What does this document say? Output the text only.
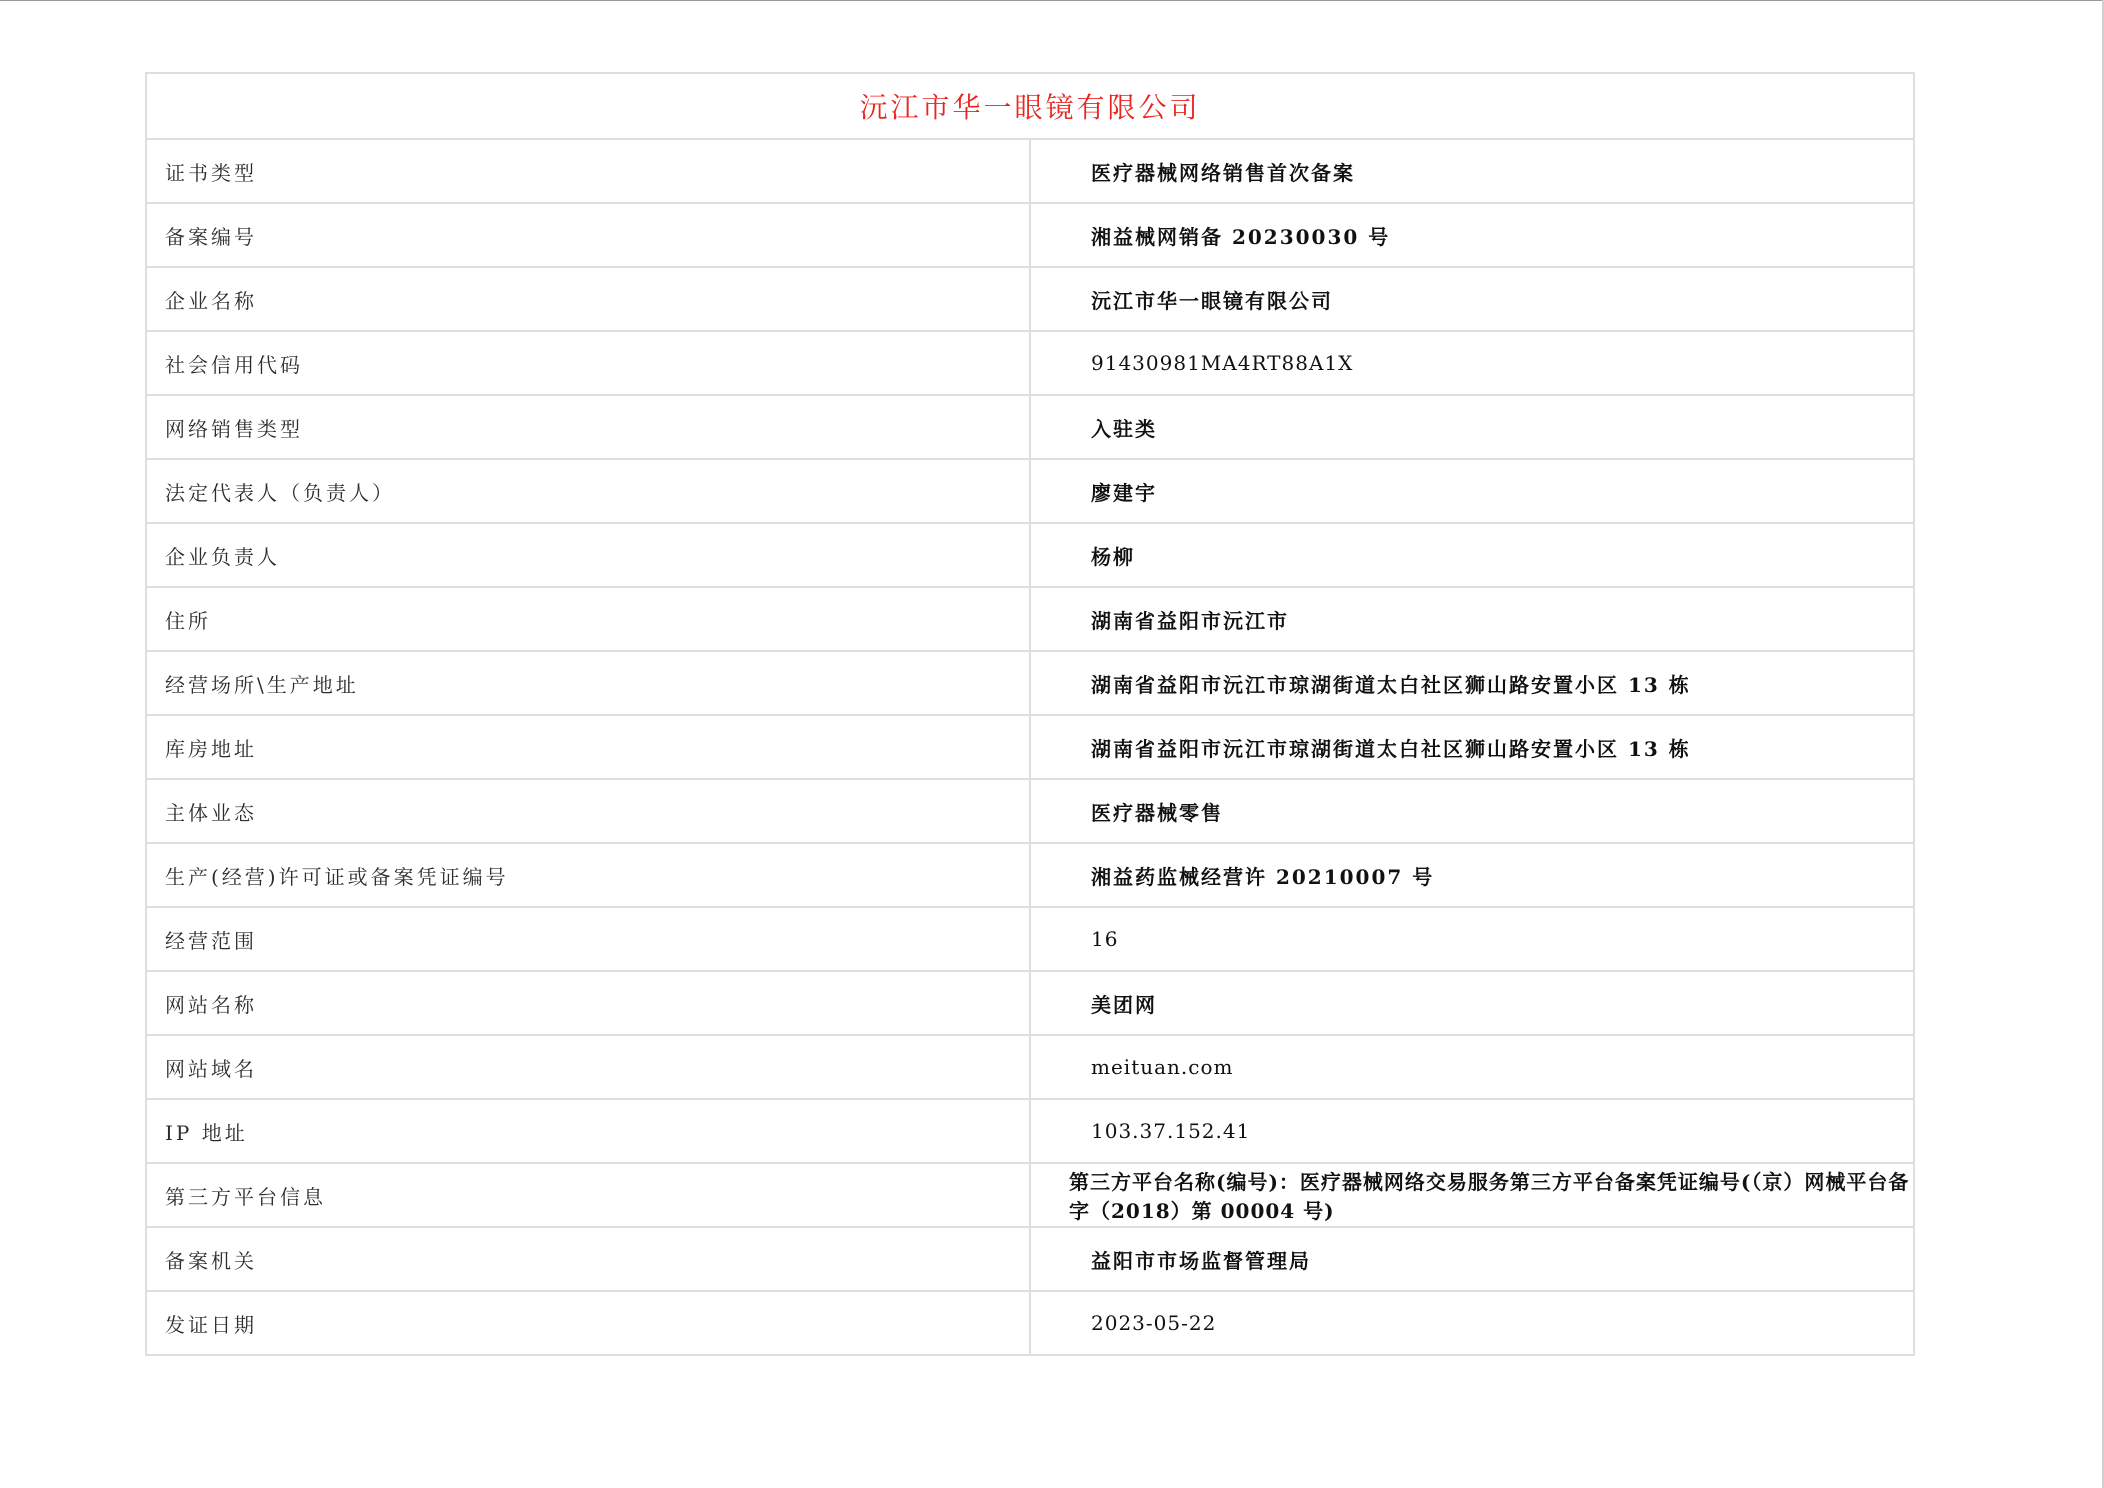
沅江市华一眼镜有限公司	
证书类型	医疗器械网络销售首次备案
备案编号	湘益械网销备 20230030 号
企业名称	沅江市华一眼镜有限公司
社会信用代码	91430981MA4RT88A1X
网络销售类型	入驻类
法定代表人（负责人）	廖建宇
企业负责人	杨柳
住所	湖南省益阳市沅江市
经营场所\生产地址	湖南省益阳市沅江市琼湖街道太白社区狮山路安置小区 13 栋
库房地址	湖南省益阳市沅江市琼湖街道太白社区狮山路安置小区 13 栋
主体业态	医疗器械零售
生产(经营)许可证或备案凭证编号	湘益药监械经营许 20210007 号
经营范围	16
网站名称	美团网
网站域名	meituan.com
IP 地址	103.37.152.41
第三方平台信息	第三方平台名称(编号)：医疗器械网络交易服务第三方平台备案凭证编号(（京）网械平台备字（2018）第 00004 号)
备案机关	益阳市市场监督管理局
发证日期	2023-05-22
